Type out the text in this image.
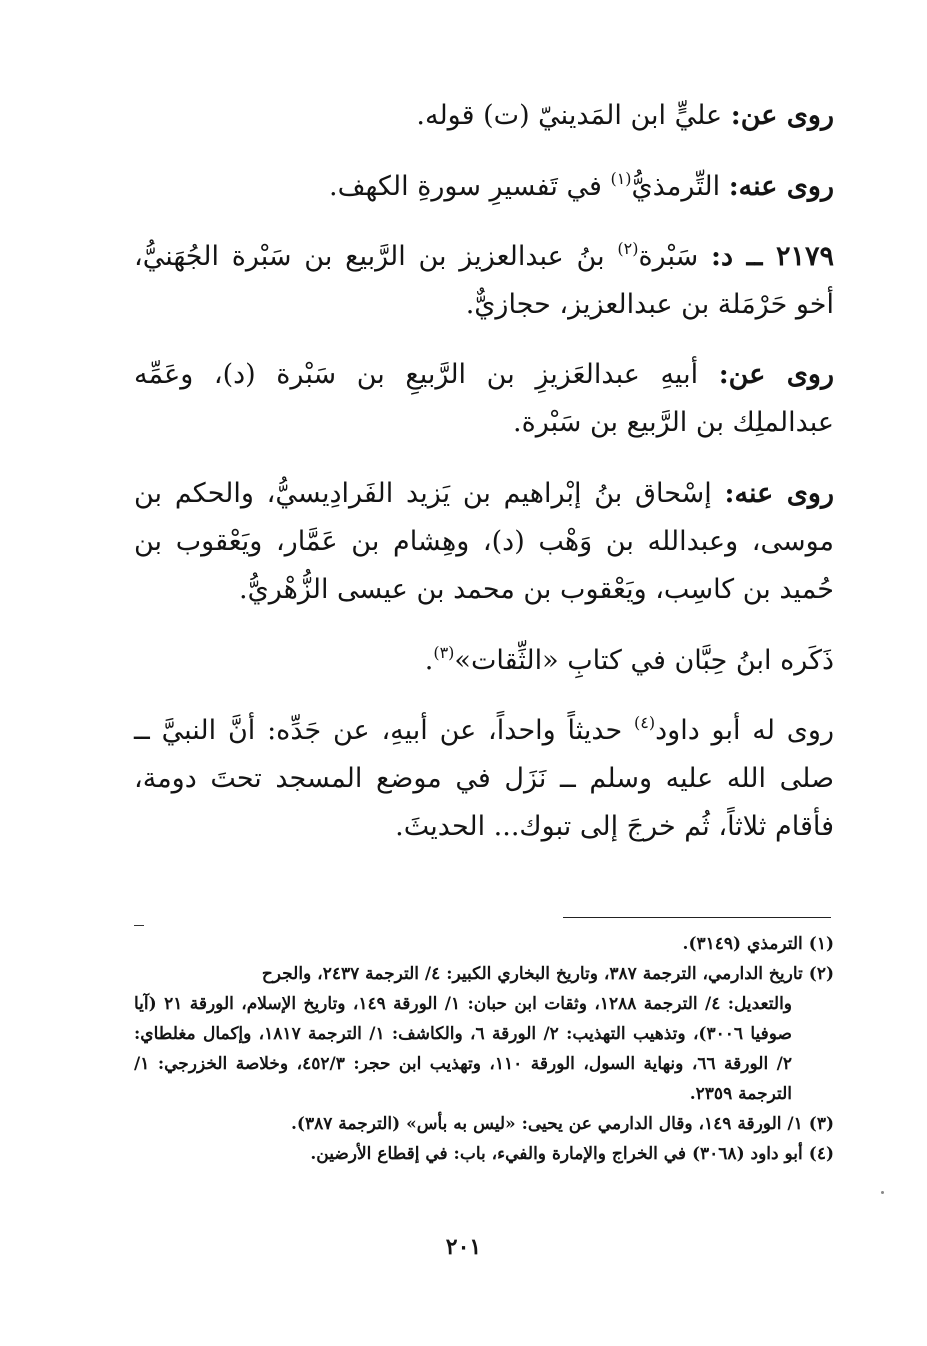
روى عن: عليٍّ ابن المَدينيّ (ت) قوله.

روى عنه: التِّرمذيُّ$^{(١)}$ في تَفسيرِ سورةِ الكهف.

٢١٧٩ ــ د: سَبْرة$^{(٢)}$ بنُ عبدالعزيز بن الرَّبيع بن سَبْرة الجُهَنيُّ، أخو حَرْمَلة بن عبدالعزيز، حجازيٌّ.

روى عن: أبيهِ عبدالعَزيزِ بن الرَّبيعِ بن سَبْرة (د)، وعَمِّه عبدالملِك بن الرَّبيع بن سَبْرة.

روى عنه: إسْحاق بنُ إبْراهيم بن يَزيد الفَرادِيسيُّ، والحكم بن موسى، وعبدالله بن وَهْب (د)، وهِشام بن عَمَّار، ويَعْقوب بن حُميد بن كاسِب، ويَعْقوب بن محمد بن عيسى الزُّهْريُّ.

ذَكَره ابنُ حِبَّان في كتابِ «الثِّقات»$^{(٣)}$.

روى له أبو داود$^{(٤)}$ حديثاً واحداً، عن أبيهِ، عن جَدِّه: أنَّ النبيَّ ــ صلى الله عليه وسلم ــ نَزَل في موضع المسجد تحتَ دومة، فأقام ثلاثاً، ثُم خرجَ إلى تبوك... الحديثَ.

(١)الترمذي (٣١٤٩).

(٢)تاريخ الدارمي، الترجمة ٣٨٧، وتاريخ البخاري الكبير: ٤/ الترجمة ٢٤٣٧، والجرح
والتعديل: ٤/ الترجمة ١٢٨٨، وثقات ابن حبان: ١/ الورقة ١٤٩، وتاريخ الإسلام، الورقة ٢١ (آيا صوفيا ٣٠٠٦)، وتذهيب التهذيب: ٢/ الورقة ٦، والكاشف: ١/ الترجمة ١٨١٧، وإكمال مغلطاي: ٢/ الورقة ٦٦، ونهاية السول، الورقة ١١٠، وتهذيب ابن حجر: ٤٥٢/٣، وخلاصة الخزرجي: ١/ الترجمة ٢٣٥٩.

(٣)١/ الورقة ١٤٩، وقال الدارمي عن يحيى: «ليس به بأس» (الترجمة ٣٨٧).

(٤)أبو داود (٣٠٦٨) في الخراج والإمارة والفيء، باب: في إقطاع الأرضين.

٢٠١
